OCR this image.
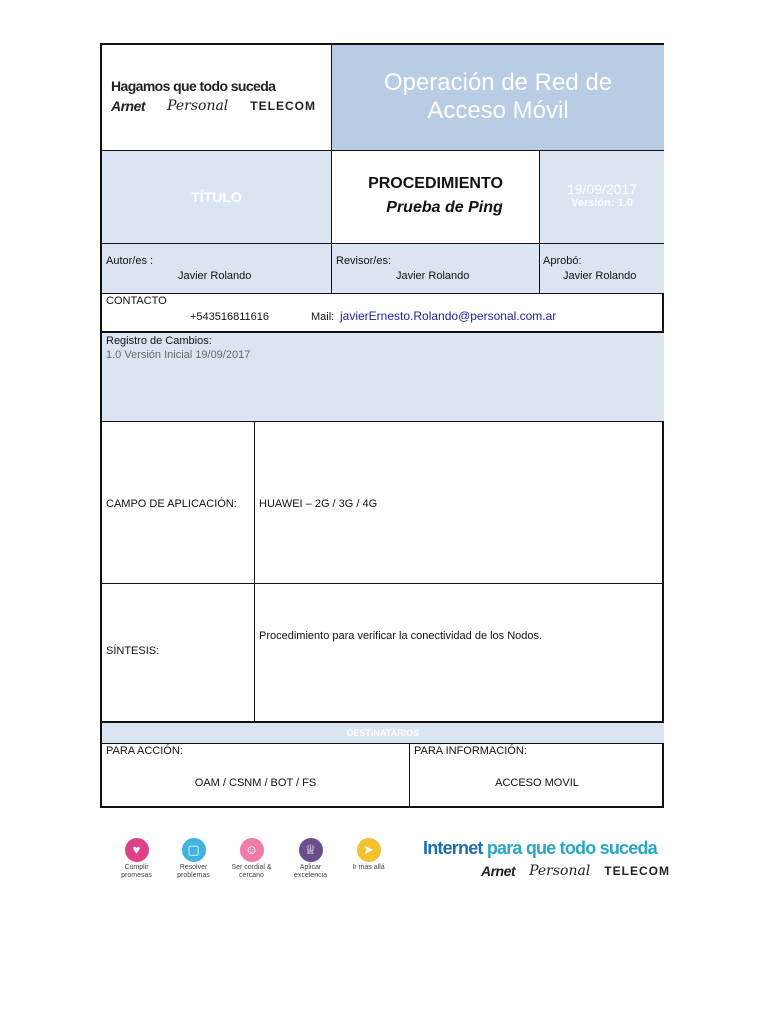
Hagamos que todo suceda
Arnet Personal TELECOM
Operación de Red de
Acceso Móvil
TÍTULO
PROCEDIMIENTO
Prueba de Ping
19/09/2017
Versión: 1.0
Autor/es :
Javier Rolando
Revisor/es:
Javier Rolando
Aprobó:
Javier Rolando
CONTACTO
+543516811616	Mail: javierErnesto.Rolando@personal.com.ar
Registro de Cambios:
1.0 Versión Inicial 19/09/2017
CAMPO DE APLICACIÓN: HUAWEI – 2G / 3G / 4G
SÍNTESIS:
Procedimiento para verificar la conectividad de los Nodos.
DESTINATARIOS
PARA ACCIÓN:
OAM / CSNM / BOT / FS
PARA INFORMACIÓN:
ACCESO MOVIL
♥
Cumplir promesas
▢
Resolver problemas
☺
Ser cordial & cercano
♕
Aplicar excelencia
➤
Ir más allá
Internet para que todo suceda
Arnet Personal TELECOM
